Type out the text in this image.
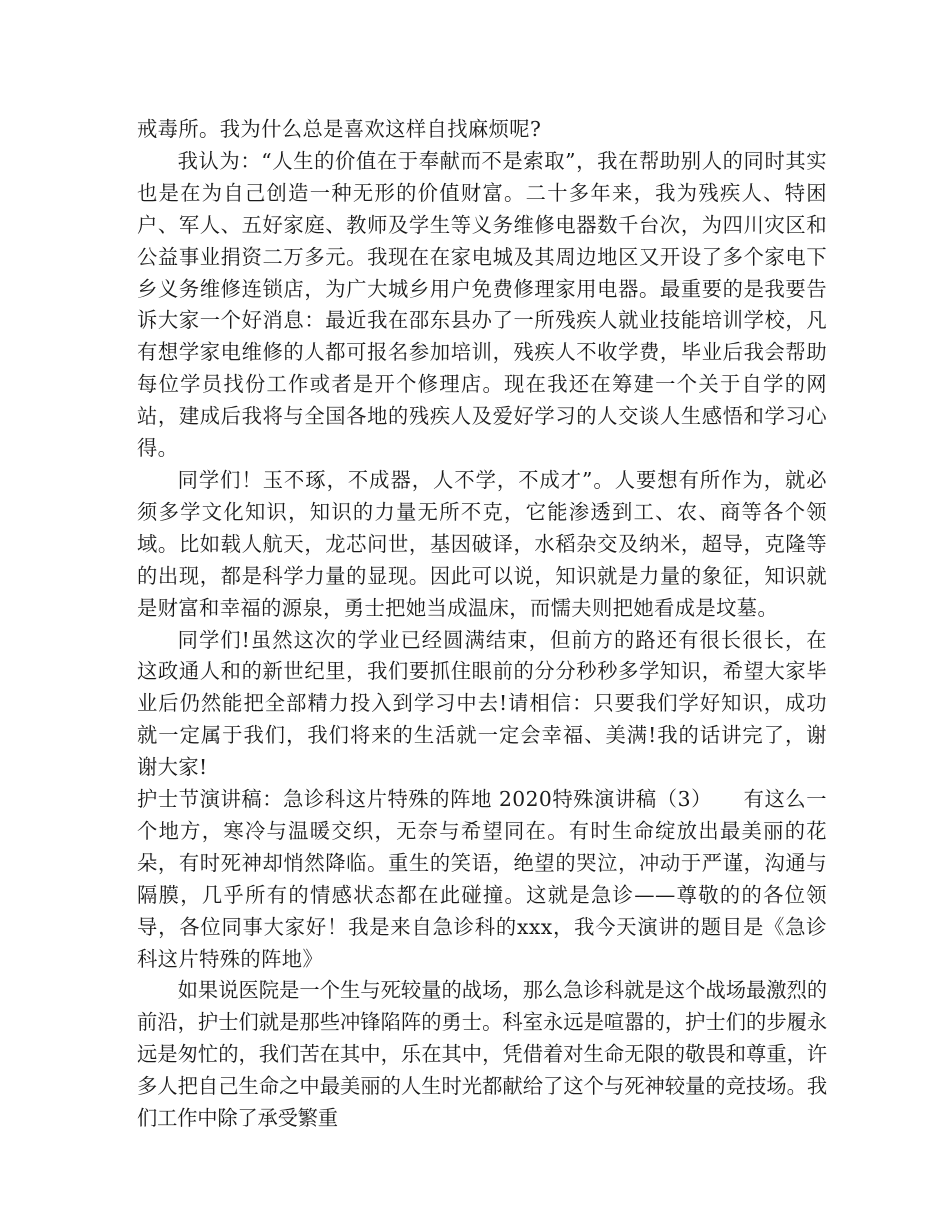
戒毒所。我为什么总是喜欢这样自找麻烦呢?

我认为：“人生的价值在于奉献而不是索取”，我在帮助别人的同时其实也是在为自己创造一种无形的价值财富。二十多年来，我为残疾人、特困户、军人、五好家庭、教师及学生等义务维修电器数千台次，为四川灾区和公益事业捐资二万多元。我现在在家电城及其周边地区又开设了多个家电下乡义务维修连锁店，为广大城乡用户免费修理家用电器。最重要的是我要告诉大家一个好消息：最近我在邵东县办了一所残疾人就业技能培训学校，凡有想学家电维修的人都可报名参加培训，残疾人不收学费，毕业后我会帮助每位学员找份工作或者是开个修理店。现在我还在筹建一个关于自学的网站，建成后我将与全国各地的残疾人及爱好学习的人交谈人生感悟和学习心得。

同学们！玉不琢，不成器，人不学，不成才”。人要想有所作为，就必须多学文化知识，知识的力量无所不克，它能渗透到工、农、商等各个领域。比如载人航天，龙芯问世，基因破译，水稻杂交及纳米，超导，克隆等的出现，都是科学力量的显现。因此可以说，知识就是力量的象征，知识就是财富和幸福的源泉，勇士把她当成温床，而懦夫则把她看成是坟墓。

同学们!虽然这次的学业已经圆满结束，但前方的路还有很长很长，在这政通人和的新世纪里，我们要抓住眼前的分分秒秒多学知识，希望大家毕业后仍然能把全部精力投入到学习中去!请相信：只要我们学好知识，成功就一定属于我们，我们将来的生活就一定会幸福、美满!我的话讲完了，谢谢大家!

护士节演讲稿：急诊科这片特殊的阵地 2020特殊演讲稿（3）　　有这么一个地方，寒冷与温暖交织，无奈与希望同在。有时生命绽放出最美丽的花朵，有时死神却悄然降临。重生的笑语，绝望的哭泣，冲动于严谨，沟通与隔膜，几乎所有的情感状态都在此碰撞。这就是急诊——尊敬的的各位领导，各位同事大家好！我是来自急诊科的xxx，我今天演讲的题目是《急诊科这片特殊的阵地》

如果说医院是一个生与死较量的战场，那么急诊科就是这个战场最激烈的前沿，护士们就是那些冲锋陷阵的勇士。科室永远是喧嚣的，护士们的步履永远是匆忙的，我们苦在其中，乐在其中，凭借着对生命无限的敬畏和尊重，许多人把自己生命之中最美丽的人生时光都献给了这个与死神较量的竞技场。我们工作中除了承受繁重
